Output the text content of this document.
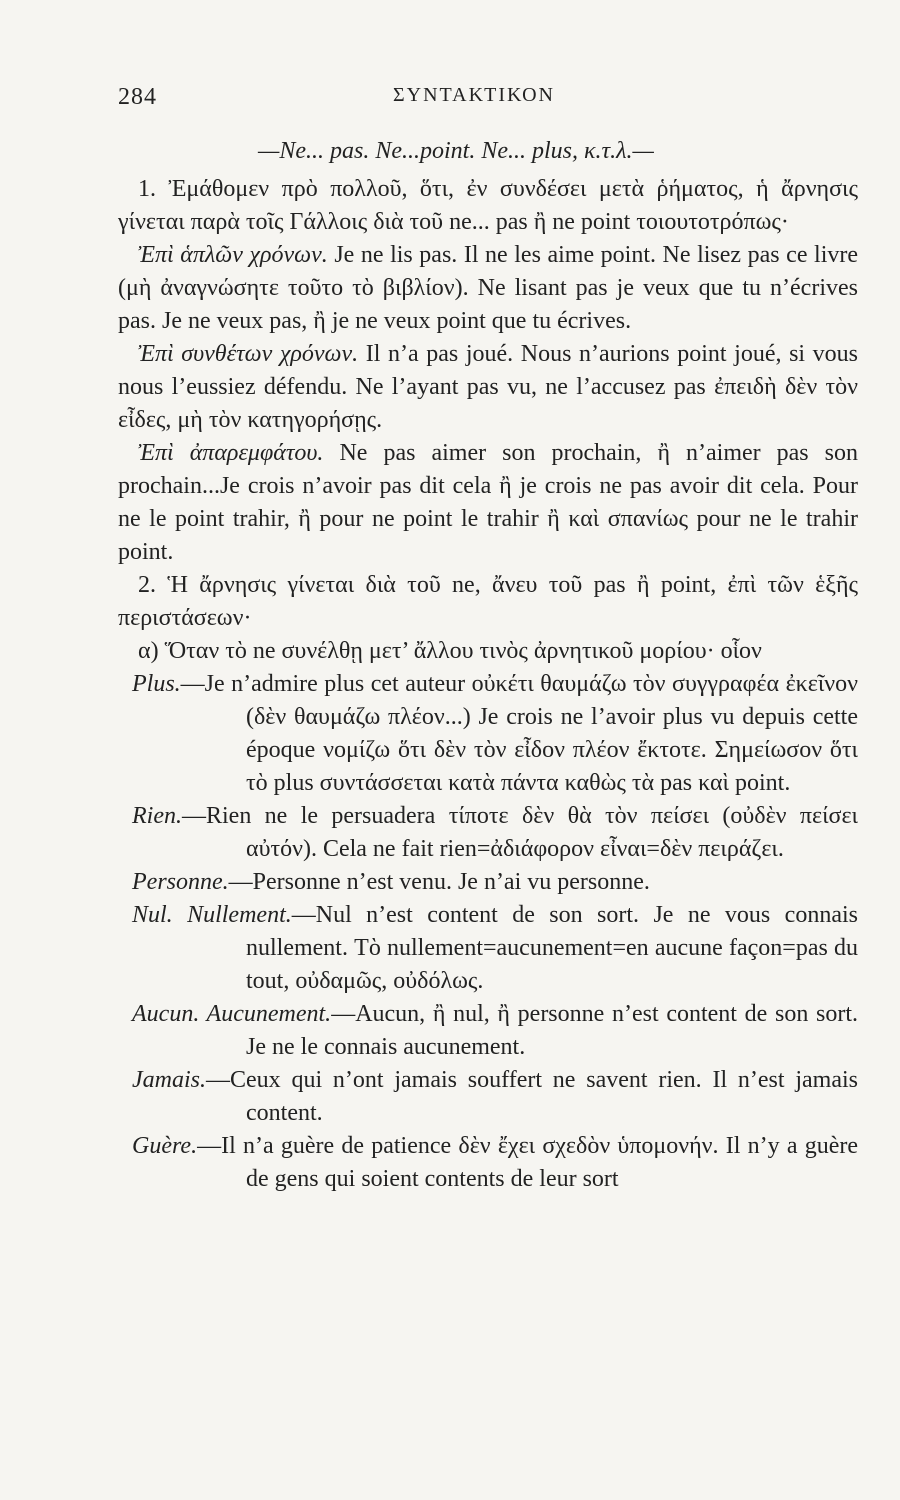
284	ΣΥΝΤΑΚΤΙΚΟΝ
—Ne... pas. Ne...point. Ne... plus, κ.τ.λ.—

1. Ἐμάθομεν πρὸ πολλοῦ, ὅτι, ἐν συνδέσει μετὰ ῥήματος, ἡ ἄρνησις γίνεται παρὰ τοῖς Γάλλοις διὰ τοῦ ne... pas ἢ ne point τοιουτοτρόπως·

Ἐπὶ ἁπλῶν χρόνων. Je ne lis pas. Il ne les aime point. Ne lisez pas ce livre (μὴ ἀναγνώσητε τοῦτο τὸ βιβλίον). Ne lisant pas je veux que tu n’écrives pas. Je ne veux pas, ἢ je ne veux point que tu écrives.

Ἐπὶ συνθέτων χρόνων. Il n’a pas joué. Nous n’aurions point joué, si vous nous l’eussiez défendu. Ne l’ayant pas vu, ne l’accusez pas ἐπειδὴ δὲν τὸν εἶδες, μὴ τὸν κατηγορήσῃς.

Ἐπὶ ἀπαρεμφάτου. Ne pas aimer son prochain, ἢ n’aimer pas son prochain...Je crois n’avoir pas dit cela ἢ je crois ne pas avoir dit cela. Pour ne le point trahir, ἢ pour ne point le trahir ἢ καὶ σπανίως pour ne le trahir point.

2. Ἡ ἄρνησις γίνεται διὰ τοῦ ne, ἄνευ τοῦ pas ἢ point, ἐπὶ τῶν ἑξῆς περιστάσεων·

α) Ὅταν τὸ ne συνέλθῃ μετ’ ἄλλου τινὸς ἀρνητικοῦ μορίου· οἷον

Plus.—Je n’admire plus cet auteur οὐκέτι θαυμάζω τὸν συγγραφέα ἐκεῖνον (δὲν θαυμάζω πλέον...) Je crois ne l’avoir plus vu depuis cette époque νομίζω ὅτι δὲν τὸν εἶδον πλέον ἔκτοτε. Σημείωσον ὅτι τὸ plus συντάσσεται κατὰ πάντα καθὼς τὰ pas καὶ point.

Rien.—Rien ne le persuadera τίποτε δὲν θὰ τὸν πείσει (οὐδὲν πείσει αὐτόν). Cela ne fait rien=ἀδιάφορον εἶναι=δὲν πειράζει.

Personne.—Personne n’est venu. Je n’ai vu personne.

Nul. Nullement.—Nul n’est content de son sort. Je ne vous connais nullement. Τὸ nullement=aucunement=en aucune façon=pas du tout, οὐδαμῶς, οὐδόλως.

Aucun. Aucunement.—Aucun, ἢ nul, ἢ personne n’est content de son sort. Je ne le connais aucunement.

Jamais.—Ceux qui n’ont jamais souffert ne savent rien. Il n’est jamais content.

Guère.—Il n’a guère de patience δὲν ἔχει σχεδὸν ὑπομονήν. Il n’y a guère de gens qui soient contents de leur sort
